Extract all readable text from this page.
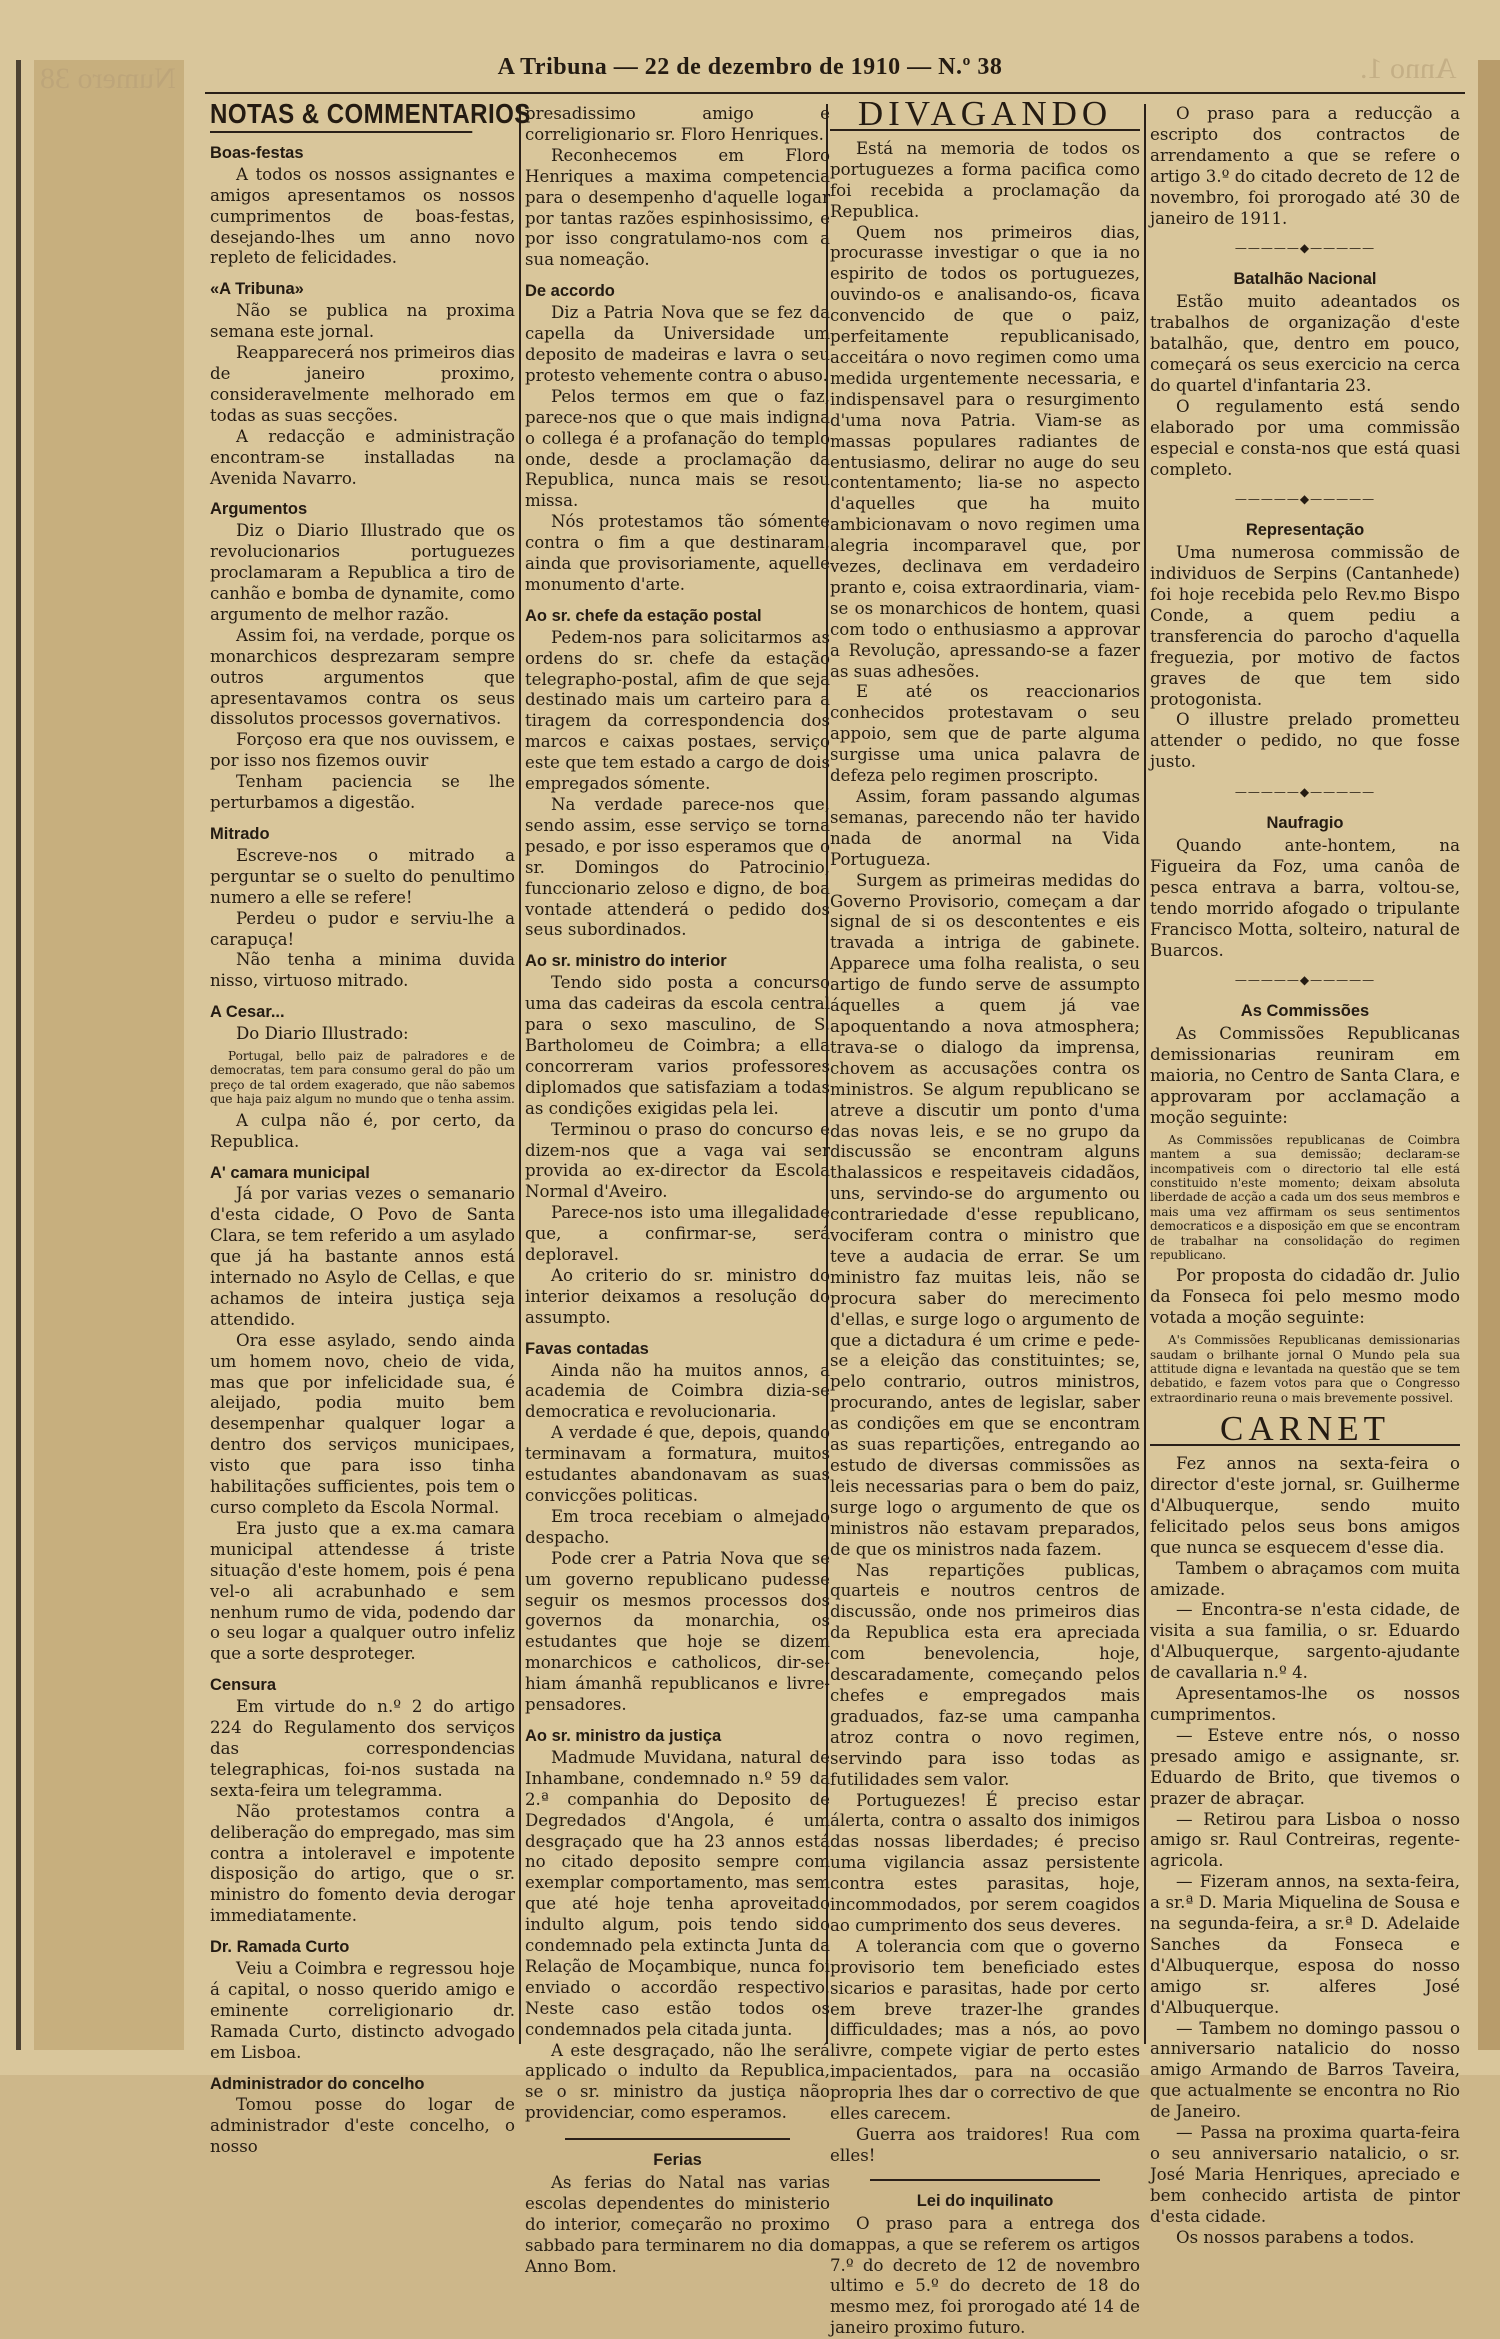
Numero 38	Anno 1.
A Tribuna — 22 de dezembro de 1910 — N.º 38
NOTAS & COMMENTARIOS
Boas-festas

A todos os nossos assignantes e amigos apresentamos os nossos cumprimentos de boas-festas, desejando-lhes um anno novo repleto de felicidades.

«A Tribuna»

Não se publica na proxima semana este jornal.

Reapparecerá nos primeiros dias de janeiro proximo, consideravelmente melhorado em todas as suas secções.

A redacção e administração encontram-se installadas na Avenida Navarro.

Argumentos

Diz o Diario Illustrado que os revolucionarios portuguezes proclamaram a Republica a tiro de canhão e bomba de dynamite, como argumento de melhor razão.

Assim foi, na verdade, porque os monarchicos desprezaram sempre outros argumentos que apresentavamos contra os seus dissolutos processos governativos.

Forçoso era que nos ouvissem, e por isso nos fizemos ouvir

Tenham paciencia se lhe perturbamos a digestão.

Mitrado

Escreve-nos o mitrado a perguntar se o suelto do penultimo numero a elle se refere!

Perdeu o pudor e serviu-lhe a carapuça!

Não tenha a minima duvida nisso, virtuoso mitrado.

A Cesar...

Do Diario Illustrado:

Portugal, bello paiz de palradores e de democratas, tem para consumo geral do pão um preço de tal ordem exagerado, que não sabemos que haja paiz algum no mundo que o tenha assim.

A culpa não é, por certo, da Republica.

A' camara municipal

Já por varias vezes o semanario d'esta cidade, O Povo de Santa Clara, se tem referido a um asylado que já ha bastante annos está internado no Asylo de Cellas, e que achamos de inteira justiça seja attendido.

Ora esse asylado, sendo ainda um homem novo, cheio de vida, mas que por infelicidade sua, é aleijado, podia muito bem desempenhar qualquer logar a dentro dos serviços municipaes, visto que para isso tinha habilitações sufficientes, pois tem o curso completo da Escola Normal.

Era justo que a ex.ma camara municipal attendesse á triste situação d'este homem, pois é pena vel-o ali acrabunhado e sem nenhum rumo de vida, podendo dar o seu logar a qualquer outro infeliz que a sorte desproteger.

Censura

Em virtude do n.º 2 do artigo 224 do Regulamento dos serviços das correspondencias telegraphicas, foi-nos sustada na sexta-feira um telegramma.

Não protestamos contra a deliberação do empregado, mas sim contra a intoleravel e impotente disposição do artigo, que o sr. ministro do fomento devia derogar immediatamente.

Dr. Ramada Curto

Veiu a Coimbra e regressou hoje á capital, o nosso querido amigo e eminente correligionario dr. Ramada Curto, distincto advogado em Lisboa.

Administrador do concelho

Tomou posse do logar de administrador d'este concelho, o nosso

presadissimo amigo e correligionario sr. Floro Henriques.

Reconhecemos em Floro Henriques a maxima competencia para o desempenho d'aquelle logar por tantas razões espinhosissimo, e por isso congratulamo-nos com a sua nomeação.

De accordo

Diz a Patria Nova que se fez da capella da Universidade um deposito de madeiras e lavra o seu protesto vehemente contra o abuso.

Pelos termos em que o faz, parece-nos que o que mais indigna o collega é a profanação do templo onde, desde a proclamação da Republica, nunca mais se resou missa.

Nós protestamos tão sómente contra o fim a que destinaram, ainda que provisoriamente, aquelle monumento d'arte.

Ao sr. chefe da estação postal

Pedem-nos para solicitarmos as ordens do sr. chefe da estação telegrapho-postal, afim de que seja destinado mais um carteiro para a tiragem da correspondencia dos marcos e caixas postaes, serviço este que tem estado a cargo de dois empregados sómente.

Na verdade parece-nos que, sendo assim, esse serviço se torna pesado, e por isso esperamos que o sr. Domingos do Patrocinio, funccionario zeloso e digno, de boa vontade attenderá o pedido dos seus subordinados.

Ao sr. ministro do interior

Tendo sido posta a concurso uma das cadeiras da escola central para o sexo masculino, de S. Bartholomeu de Coimbra; a ella concorreram varios professores diplomados que satisfaziam a todas as condições exigidas pela lei.

Terminou o praso do concurso e dizem-nos que a vaga vai ser provida ao ex-director da Escola Normal d'Aveiro.

Parece-nos isto uma illegalidade que, a confirmar-se, será deploravel.

Ao criterio do sr. ministro do interior deixamos a resolução do assumpto.

Favas contadas

Ainda não ha muitos annos, a academia de Coimbra dizia-se democratica e revolucionaria.

A verdade é que, depois, quando terminavam a formatura, muitos estudantes abandonavam as suas convicções politicas.

Em troca recebiam o almejado despacho.

Pode crer a Patria Nova que se um governo republicano pudesse seguir os mesmos processos dos governos da monarchia, os estudantes que hoje se dizem monarchicos e catholicos, dir-se-hiam ámanhã republicanos e livre-pensadores.

Ao sr. ministro da justiça

Madmude Muvidana, natural de Inhambane, condemnado n.º 59 da 2.ª companhia do Deposito de Degredados d'Angola, é um desgraçado que ha 23 annos está no citado deposito sempre com exemplar comportamento, mas sem que até hoje tenha aproveitado indulto algum, pois tendo sido condemnado pela extincta Junta da Relação de Moçambique, nunca foi enviado o accordão respectivo. Neste caso estão todos os condemnados pela citada junta.

A este desgraçado, não lhe será applicado o indulto da Republica, se o sr. ministro da justiça não providenciar, como esperamos.

Ferias

As ferias do Natal nas varias escolas dependentes do ministerio do interior, começarão no proximo sabbado para terminarem no dia do Anno Bom.

DIVAGANDO

Está na memoria de todos os portuguezes a forma pacifica como foi recebida a proclamação da Republica.

Quem nos primeiros dias, procurasse investigar o que ia no espirito de todos os portuguezes, ouvindo-os e analisando-os, ficava convencido de que o paiz, perfeitamente republicanisado, acceitára o novo regimen como uma medida urgentemente necessaria, e indispensavel para o resurgimento d'uma nova Patria. Viam-se as massas populares radiantes de entusiasmo, delirar no auge do seu contentamento; lia-se no aspecto d'aquelles que ha muito ambicionavam o novo regimen uma alegria incomparavel que, por vezes, declinava em verdadeiro pranto e, coisa extraordinaria, viam-se os monarchicos de hontem, quasi com todo o enthusiasmo a approvar a Revolução, apressando-se a fazer as suas adhesões.

E até os reaccionarios conhecidos protestavam o seu appoio, sem que de parte alguma surgisse uma unica palavra de defeza pelo regimen proscripto.

Assim, foram passando algumas semanas, parecendo não ter havido nada de anormal na Vida Portugueza.

Surgem as primeiras medidas do Governo Provisorio, começam a dar signal de si os descontentes e eis travada a intriga de gabinete. Apparece uma folha realista, o seu artigo de fundo serve de assumpto áquelles a quem já vae apoquentando a nova atmosphera; trava-se o dialogo da imprensa, chovem as accusações contra os ministros. Se algum republicano se atreve a discutir um ponto d'uma das novas leis, e se no grupo da discussão se encontram alguns thalassicos e respeitaveis cidadãos, uns, servindo-se do argumento ou contrariedade d'esse republicano, vociferam contra o ministro que teve a audacia de errar. Se um ministro faz muitas leis, não se procura saber do merecimento d'ellas, e surge logo o argumento de que a dictadura é um crime e pede-se a eleição das constituintes; se, pelo contrario, outros ministros, procurando, antes de legislar, saber as condições em que se encontram as suas repartições, entregando ao estudo de diversas commissões as leis necessarias para o bem do paiz, surge logo o argumento de que os ministros não estavam preparados, de que os ministros nada fazem.

Nas repartições publicas, quarteis e noutros centros de discussão, onde nos primeiros dias da Republica esta era apreciada com benevolencia, hoje, descaradamente, começando pelos chefes e empregados mais graduados, faz-se uma campanha atroz contra o novo regimen, servindo para isso todas as futilidades sem valor.

Portuguezes! É preciso estar álerta, contra o assalto dos inimigos das nossas liberdades; é preciso uma vigilancia assaz persistente contra estes parasitas, hoje, incommodados, por serem coagidos ao cumprimento dos seus deveres.

A tolerancia com que o governo provisorio tem beneficiado estes sicarios e parasitas, hade por certo em breve trazer-lhe grandes difficuldades; mas a nós, ao povo livre, compete vigiar de perto estes impacientados, para na occasião propria lhes dar o correctivo de que elles carecem.

Guerra aos traidores! Rua com elles!

Lei do inquilinato

O praso para a entrega dos mappas, a que se referem os artigos 7.º do decreto de 12 de novembro ultimo e 5.º do decreto de 18 do mesmo mez, foi prorogado até 14 de janeiro proximo futuro.

O praso para a reducção a escripto dos contractos de arrendamento a que se refere o artigo 3.º do citado decreto de 12 de novembro, foi prorogado até 30 de janeiro de 1911.

—————◆—————
Batalhão Nacional

Estão muito adeantados os trabalhos de organização d'este batalhão, que, dentro em pouco, começará os seus exercicio na cerca do quartel d'infantaria 23.

O regulamento está sendo elaborado por uma commissão especial e consta-nos que está quasi completo.

—————◆—————
Representação

Uma numerosa commissão de individuos de Serpins (Cantanhede) foi hoje recebida pelo Rev.mo Bispo Conde, a quem pediu a transferencia do parocho d'aquella freguezia, por motivo de factos graves de que tem sido protogonista.

O illustre prelado prometteu attender o pedido, no que fosse justo.

—————◆—————
Naufragio

Quando ante-hontem, na Figueira da Foz, uma canôa de pesca entrava a barra, voltou-se, tendo morrido afogado o tripulante Francisco Motta, solteiro, natural de Buarcos.

—————◆—————
As Commissões

As Commissões Republicanas demissionarias reuniram em maioria, no Centro de Santa Clara, e approvaram por acclamação a moção seguinte:

As Commissões republicanas de Coimbra mantem a sua demissão; declaram-se incompativeis com o directorio tal elle está constituido n'este momento; deixam absoluta liberdade de acção a cada um dos seus membros e mais uma vez affirmam os seus sentimentos democraticos e a disposição em que se encontram de trabalhar na consolidação do regimen republicano.

Por proposta do cidadão dr. Julio da Fonseca foi pelo mesmo modo votada a moção seguinte:

A's Commissões Republicanas demissionarias saudam o brilhante jornal O Mundo pela sua attitude digna e levantada na questão que se tem debatido, e fazem votos para que o Congresso extraordinario reuna o mais brevemente possivel.

CARNET

Fez annos na sexta-feira o director d'este jornal, sr. Guilherme d'Albuquerque, sendo muito felicitado pelos seus bons amigos que nunca se esquecem d'esse dia.

Tambem o abraçamos com muita amizade.

— Encontra-se n'esta cidade, de visita a sua familia, o sr. Eduardo d'Albuquerque, sargento-ajudante de cavallaria n.º 4.

Apresentamos-lhe os nossos cumprimentos.

— Esteve entre nós, o nosso presado amigo e assignante, sr. Eduardo de Brito, que tivemos o prazer de abraçar.

— Retirou para Lisboa o nosso amigo sr. Raul Contreiras, regente-agricola.

— Fizeram annos, na sexta-feira, a sr.ª D. Maria Miquelina de Sousa e na segunda-feira, a sr.ª D. Adelaide Sanches da Fonseca e d'Albuquerque, esposa do nosso amigo sr. alferes José d'Albuquerque.

— Tambem no domingo passou o anniversario natalicio do nosso amigo Armando de Barros Taveira, que actualmente se encontra no Rio de Janeiro.

— Passa na proxima quarta-feira o seu anniversario natalicio, o sr. José Maria Henriques, apreciado e bem conhecido artista de pintor d'esta cidade.

Os nossos parabens a todos.
